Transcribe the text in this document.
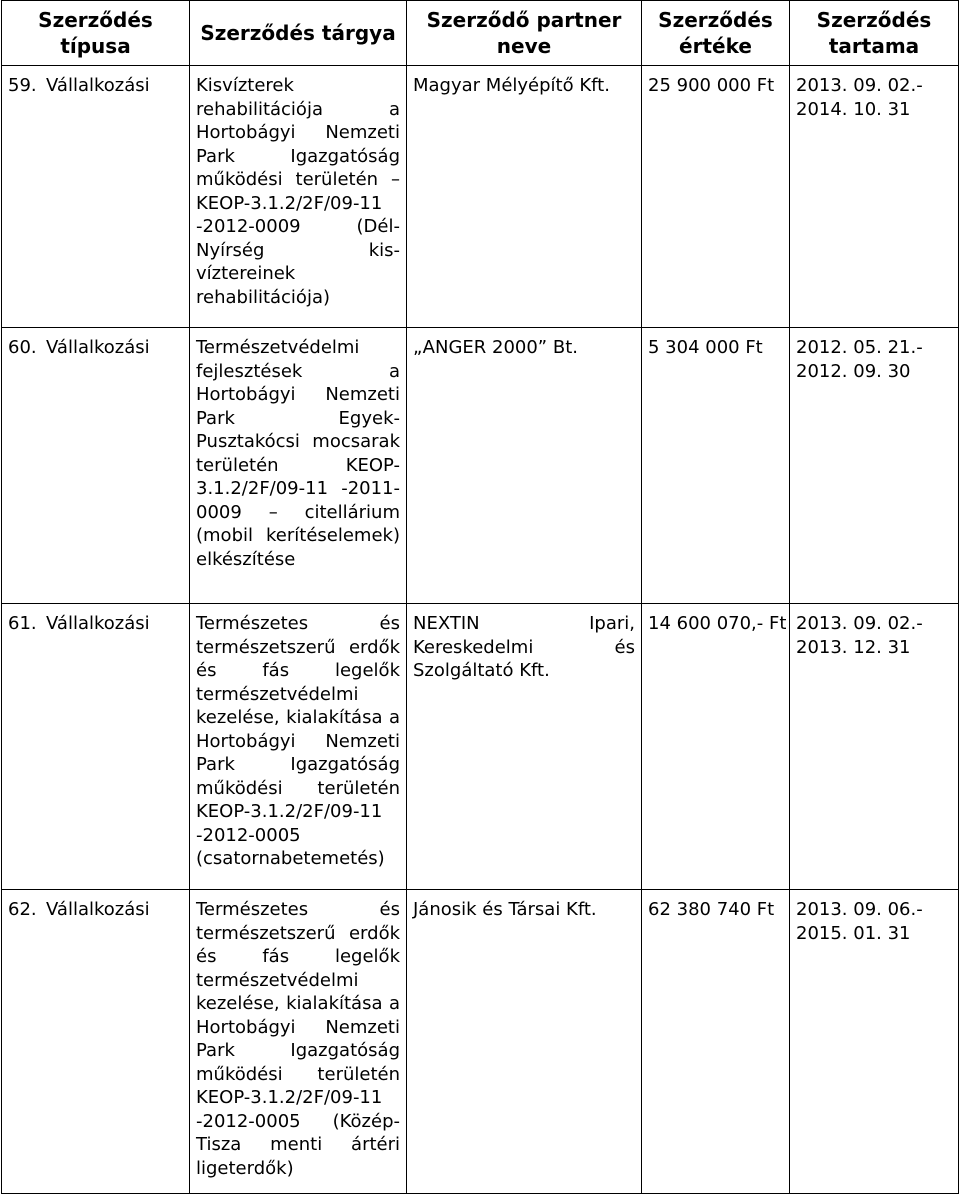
Szerződés típusa	Szerződés tárgya	Szerződő partner neve	Szerződés értéke	Szerződés tartama
59. Vállalkozási	Kisvízterek rehabilitációja a Hortobágyi Nemzeti Park Igazgatóság működési területén – KEOP-3.1.2/2F/09-11 -2012-0009 (Dél-Nyírség kis-víztereinek rehabilitációja)	Magyar Mélyépítő Kft.	25 900 000 Ft	2013. 09. 02.-
2014. 10. 31

60. Vállalkozási	Természetvédelmi fejlesztések a Hortobágyi Nemzeti Park Egyek-Pusztakócsi mocsarak területén KEOP-3.1.2/2F/09-11 -2011-0009 – citellárium (mobil kerítéselemek) elkészítése	„ANGER 2000” Bt.	5 304 000 Ft	2012. 05. 21.-
2012. 09. 30

61. Vállalkozási	Természetes és természetszerű erdők és fás legelők természetvédelmi kezelése, kialakítása a Hortobágyi Nemzeti Park Igazgatóság működési területén KEOP-3.1.2/2F/09-11 -2012-0005 (csatornabetemetés)	NEXTIN Ipari, Kereskedelmi és Szolgáltató Kft.	14 600 070,- Ft	2013. 09. 02.-
2013. 12. 31

62. Vállalkozási	Természetes és természetszerű erdők és fás legelők természetvédelmi kezelése, kialakítása a Hortobágyi Nemzeti Park Igazgatóság működési területén KEOP-3.1.2/2F/09-11 -2012-0005 (Közép-Tisza menti ártéri ligeterdők)	Jánosik és Társai Kft.	62 380 740 Ft	2013. 09. 06.-
2015. 01. 31
